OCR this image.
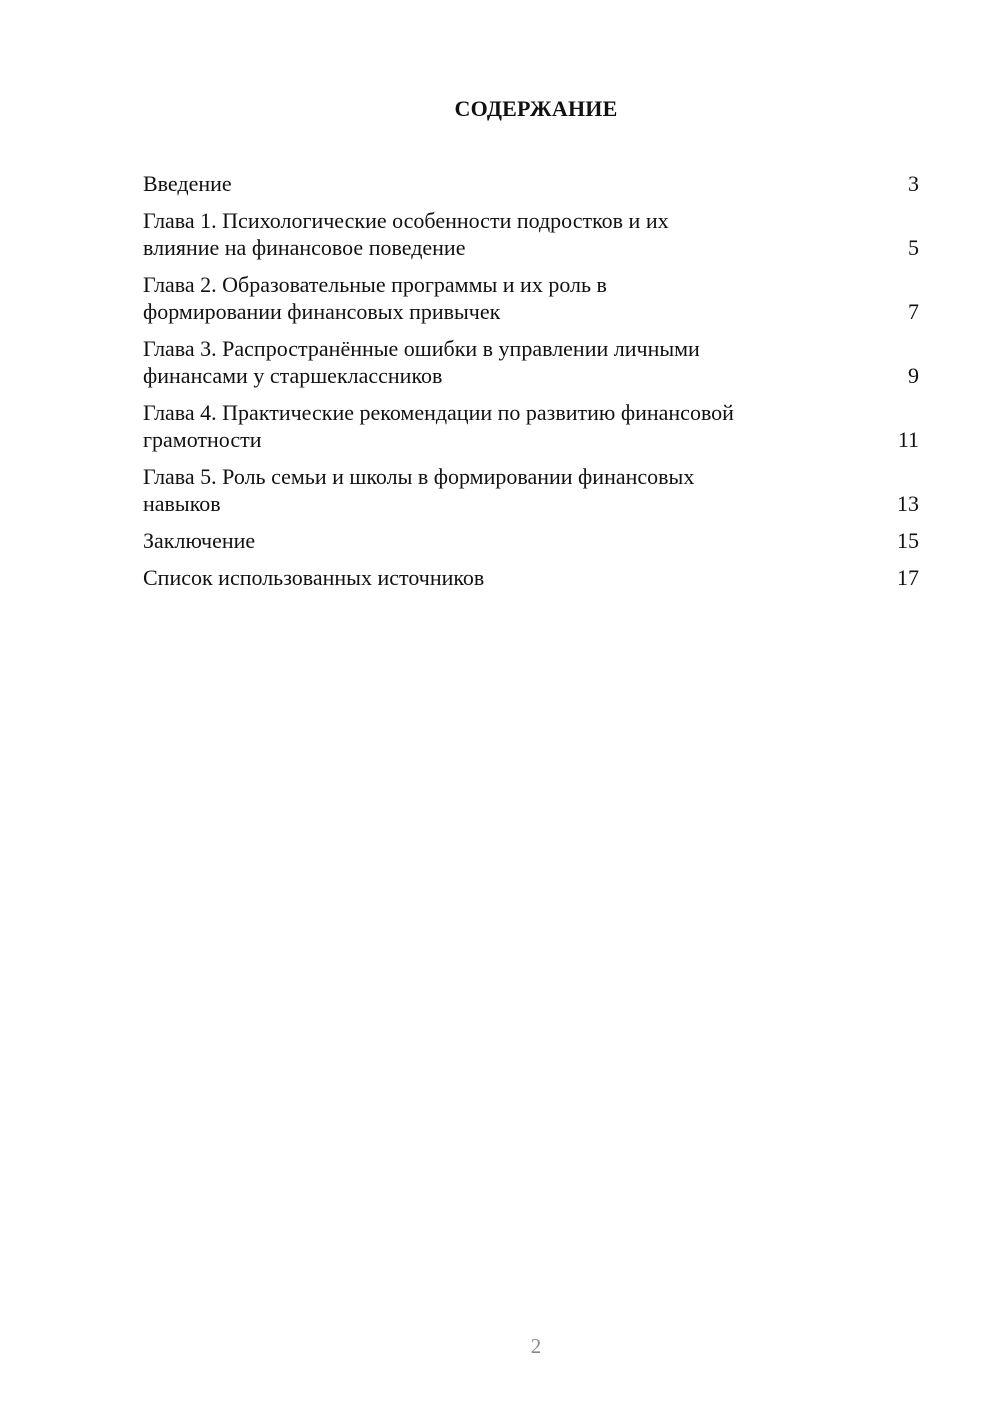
СОДЕРЖАНИЕ
Введение	3
Глава 1. Психологические особенности подростков и их
влияние на финансовое поведение	5
Глава 2. Образовательные программы и их роль в
формировании финансовых привычек	7
Глава 3. Распространённые ошибки в управлении личными
финансами у старшеклассников	9
Глава 4. Практические рекомендации по развитию финансовой
грамотности	11
Глава 5. Роль семьи и школы в формировании финансовых
навыков	13
Заключение	15
Список использованных источников	17
2
